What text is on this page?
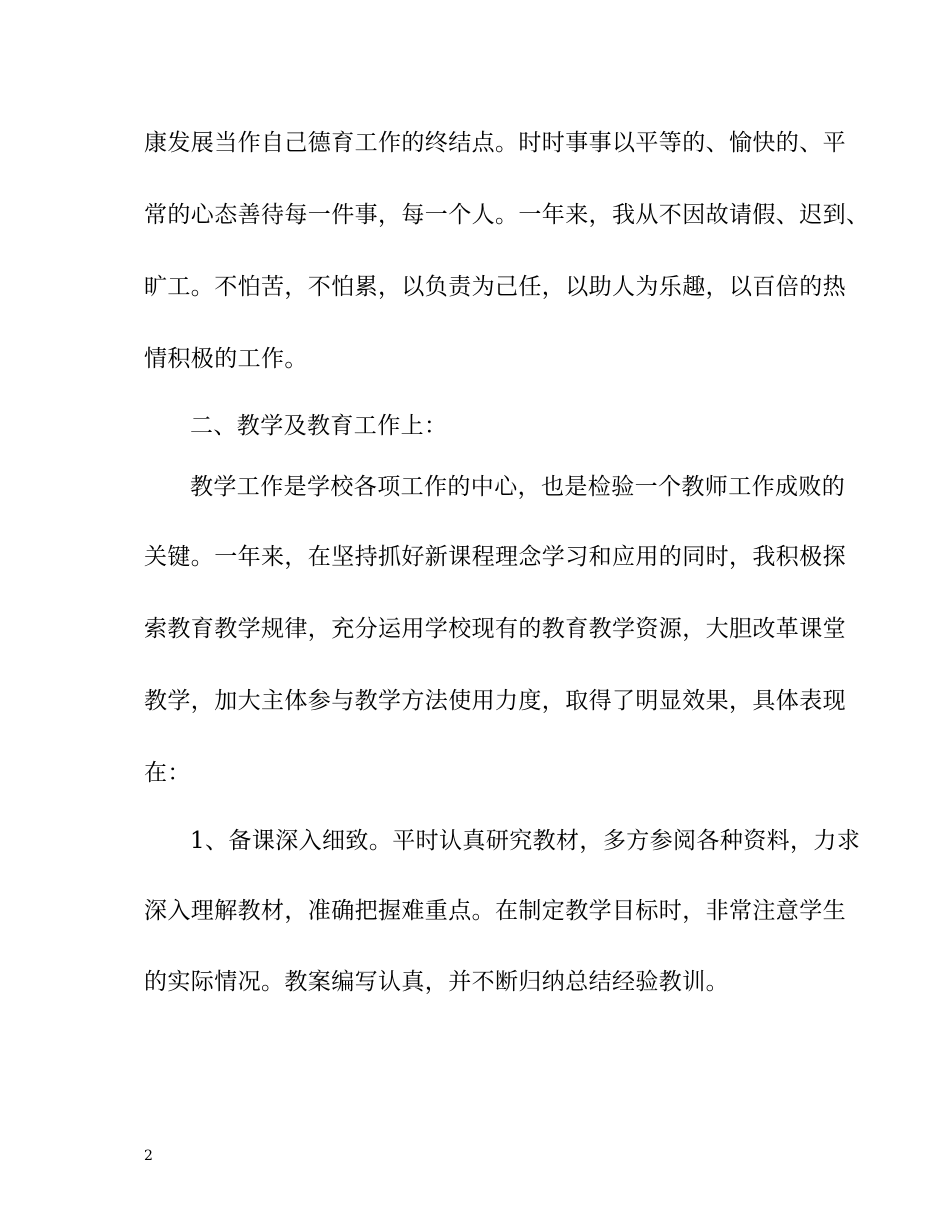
康发展当作自己德育工作的终结点。时时事事以平等的、愉快的、平
常的心态善待每一件事，每一个人。一年来，我从不因故请假、迟到、
旷工。不怕苦，不怕累，以负责为己任，以助人为乐趣，以百倍的热
情积极的工作。
二、教学及教育工作上：
教学工作是学校各项工作的中心，也是检验一个教师工作成败的
关键。一年来，在坚持抓好新课程理念学习和应用的同时，我积极探
索教育教学规律，充分运用学校现有的教育教学资源，大胆改革课堂
教学，加大主体参与教学方法使用力度，取得了明显效果，具体表现
在：
1、备课深入细致。平时认真研究教材，多方参阅各种资料，力求
深入理解教材，准确把握难重点。在制定教学目标时，非常注意学生
的实际情况。教案编写认真，并不断归纳总结经验教训。
2
